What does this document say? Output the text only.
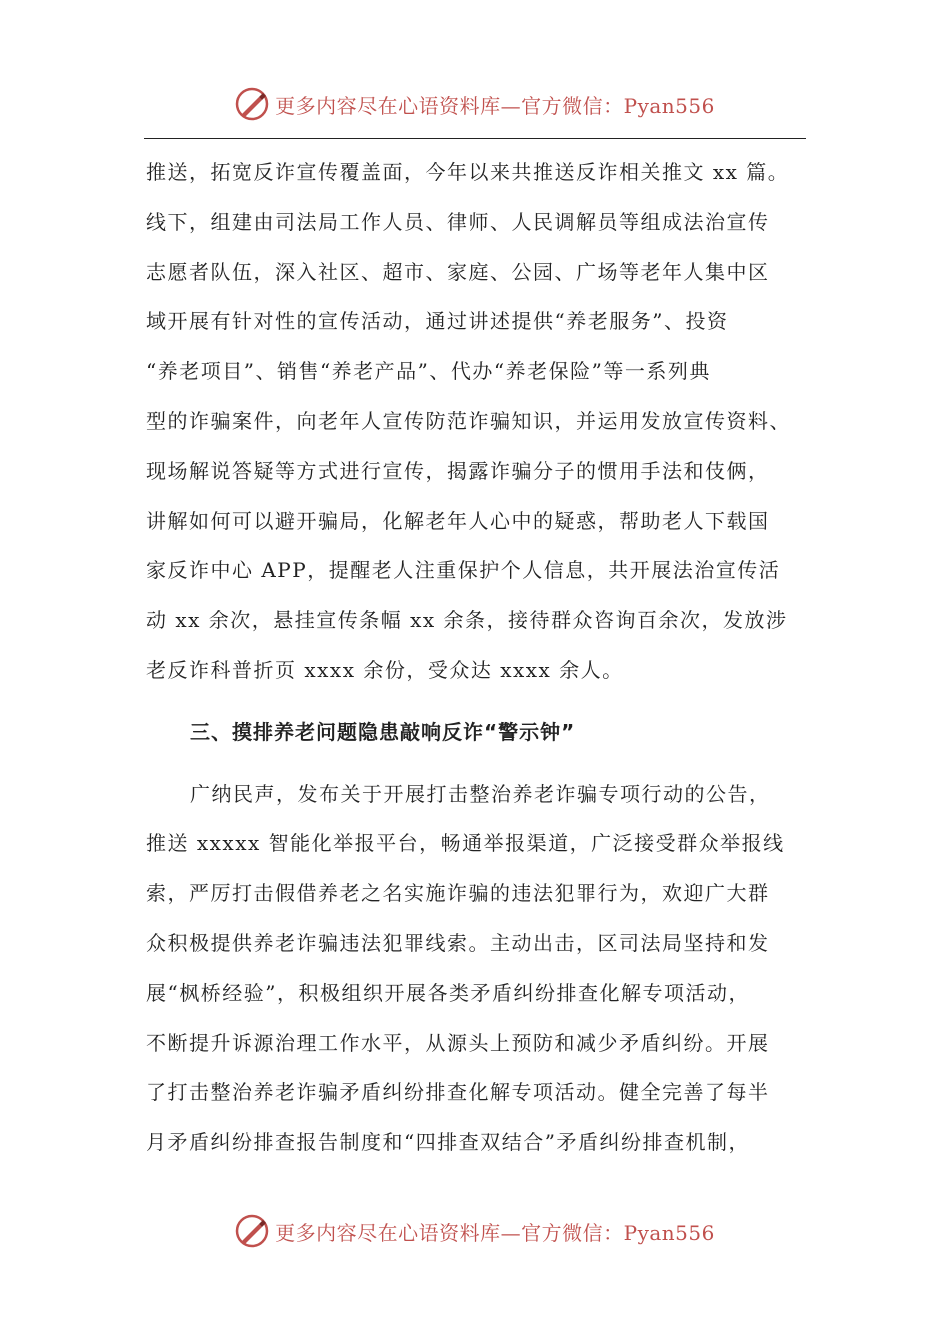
更多内容尽在心语资料库—官方微信：Pyan556

推送，拓宽反诈宣传覆盖面，今年以来共推送反诈相关推文 xx 篇。
线下，组建由司法局工作人员、律师、人民调解员等组成法治宣传
志愿者队伍，深入社区、超市、家庭、公园、广场等老年人集中区
域开展有针对性的宣传活动，通过讲述提供“养老服务”、投资
“养老项目”、销售“养老产品”、代办“养老保险”等一系列典
型的诈骗案件，向老年人宣传防范诈骗知识，并运用发放宣传资料、
现场解说答疑等方式进行宣传，揭露诈骗分子的惯用手法和伎俩，
讲解如何可以避开骗局，化解老年人心中的疑惑，帮助老人下载国
家反诈中心 APP，提醒老人注重保护个人信息，共开展法治宣传活
动 xx 余次，悬挂宣传条幅 xx 余条，接待群众咨询百余次，发放涉
老反诈科普折页 xxxx 余份，受众达 xxxx 余人。

三、摸排养老问题隐患敲响反诈“警示钟”

广纳民声，发布关于开展打击整治养老诈骗专项行动的公告，
推送 xxxxx 智能化举报平台，畅通举报渠道，广泛接受群众举报线
索，严厉打击假借养老之名实施诈骗的违法犯罪行为，欢迎广大群
众积极提供养老诈骗违法犯罪线索。主动出击，区司法局坚持和发
展“枫桥经验”，积极组织开展各类矛盾纠纷排查化解专项活动，
不断提升诉源治理工作水平，从源头上预防和减少矛盾纠纷。开展
了打击整治养老诈骗矛盾纠纷排查化解专项活动。健全完善了每半
月矛盾纠纷排查报告制度和“四排查双结合”矛盾纠纷排查机制，

更多内容尽在心语资料库—官方微信：Pyan556
